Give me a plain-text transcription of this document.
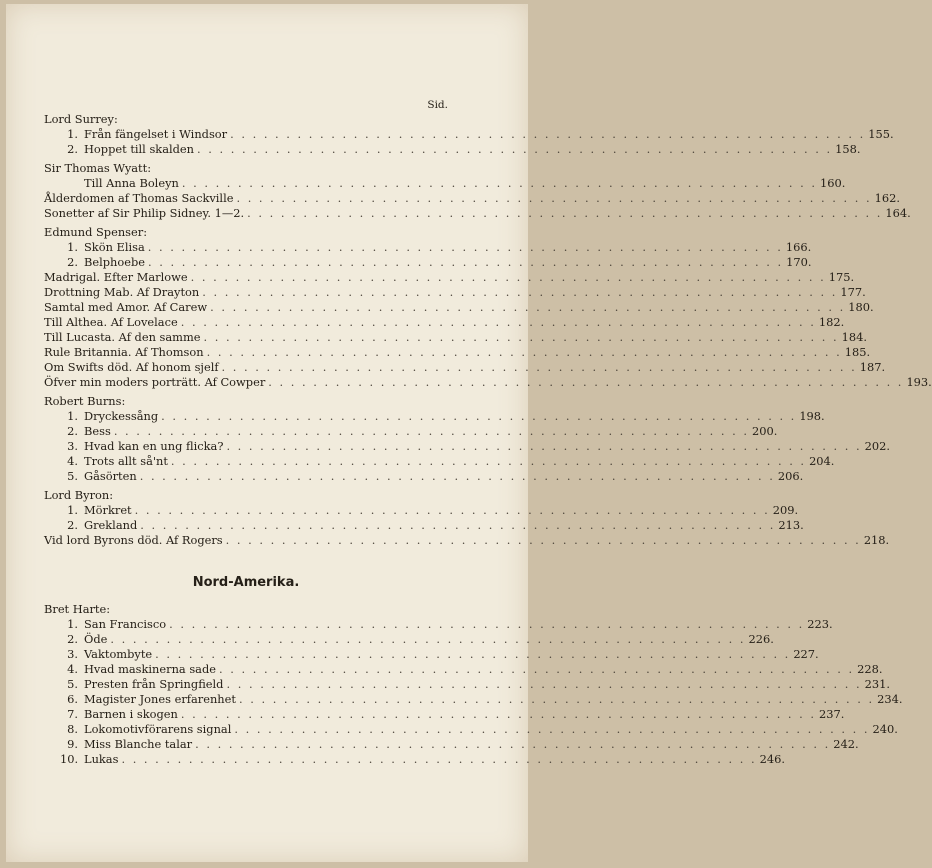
Sid.
Lord Surrey:
1. Från fängelset i Windsor . . . . . . . . . . . . . . . . . . . . . . . . . . . . . . . . . . . . . . . . . . . . . . . . . . . . . . . . . 155.
2. Hoppet till skalden . . . . . . . . . . . . . . . . . . . . . . . . . . . . . . . . . . . . . . . . . . . . . . . . . . . . . . . . . 158.
Sir Thomas Wyatt:
Till Anna Boleyn . . . . . . . . . . . . . . . . . . . . . . . . . . . . . . . . . . . . . . . . . . . . . . . . . . . . . . . . . 160.
Ålderdomen af Thomas Sackville . . . . . . . . . . . . . . . . . . . . . . . . . . . . . . . . . . . . . . . . . . . . . . . . . . . . . . . . . 162.
Sonetter af Sir Philip Sidney. 1—2. . . . . . . . . . . . . . . . . . . . . . . . . . . . . . . . . . . . . . . . . . . . . . . . . . . . . . . . . . 164.
Edmund Spenser:
1. Skön Elisa . . . . . . . . . . . . . . . . . . . . . . . . . . . . . . . . . . . . . . . . . . . . . . . . . . . . . . . . . 166.
2. Belphoebe . . . . . . . . . . . . . . . . . . . . . . . . . . . . . . . . . . . . . . . . . . . . . . . . . . . . . . . . . 170.
Madrigal. Efter Marlowe . . . . . . . . . . . . . . . . . . . . . . . . . . . . . . . . . . . . . . . . . . . . . . . . . . . . . . . . . 175.
Drottning Mab. Af Drayton . . . . . . . . . . . . . . . . . . . . . . . . . . . . . . . . . . . . . . . . . . . . . . . . . . . . . . . . . 177.
Samtal med Amor. Af Carew . . . . . . . . . . . . . . . . . . . . . . . . . . . . . . . . . . . . . . . . . . . . . . . . . . . . . . . . . 180.
Till Althea. Af Lovelace . . . . . . . . . . . . . . . . . . . . . . . . . . . . . . . . . . . . . . . . . . . . . . . . . . . . . . . . . 182.
Till Lucasta. Af den samme . . . . . . . . . . . . . . . . . . . . . . . . . . . . . . . . . . . . . . . . . . . . . . . . . . . . . . . . . 184.
Rule Britannia. Af Thomson . . . . . . . . . . . . . . . . . . . . . . . . . . . . . . . . . . . . . . . . . . . . . . . . . . . . . . . . . 185.
Om Swifts död. Af honom sjelf . . . . . . . . . . . . . . . . . . . . . . . . . . . . . . . . . . . . . . . . . . . . . . . . . . . . . . . . . 187.
Öfver min moders porträtt. Af Cowper . . . . . . . . . . . . . . . . . . . . . . . . . . . . . . . . . . . . . . . . . . . . . . . . . . . . . . . . . 193.
Robert Burns:
1. Dryckessång . . . . . . . . . . . . . . . . . . . . . . . . . . . . . . . . . . . . . . . . . . . . . . . . . . . . . . . . . 198.
2. Bess . . . . . . . . . . . . . . . . . . . . . . . . . . . . . . . . . . . . . . . . . . . . . . . . . . . . . . . . . 200.
3. Hvad kan en ung flicka? . . . . . . . . . . . . . . . . . . . . . . . . . . . . . . . . . . . . . . . . . . . . . . . . . . . . . . . . . 202.
4. Trots allt så'nt . . . . . . . . . . . . . . . . . . . . . . . . . . . . . . . . . . . . . . . . . . . . . . . . . . . . . . . . . 204.
5. Gåsörten . . . . . . . . . . . . . . . . . . . . . . . . . . . . . . . . . . . . . . . . . . . . . . . . . . . . . . . . . 206.
Lord Byron:
1. Mörkret . . . . . . . . . . . . . . . . . . . . . . . . . . . . . . . . . . . . . . . . . . . . . . . . . . . . . . . . . 209.
2. Grekland . . . . . . . . . . . . . . . . . . . . . . . . . . . . . . . . . . . . . . . . . . . . . . . . . . . . . . . . . 213.
Vid lord Byrons död. Af Rogers . . . . . . . . . . . . . . . . . . . . . . . . . . . . . . . . . . . . . . . . . . . . . . . . . . . . . . . . . 218.
Nord-Amerika.
Bret Harte:
1. San Francisco . . . . . . . . . . . . . . . . . . . . . . . . . . . . . . . . . . . . . . . . . . . . . . . . . . . . . . . . . 223.
2. Öde . . . . . . . . . . . . . . . . . . . . . . . . . . . . . . . . . . . . . . . . . . . . . . . . . . . . . . . . . 226.
3. Vaktombyte . . . . . . . . . . . . . . . . . . . . . . . . . . . . . . . . . . . . . . . . . . . . . . . . . . . . . . . . . 227.
4. Hvad maskinerna sade . . . . . . . . . . . . . . . . . . . . . . . . . . . . . . . . . . . . . . . . . . . . . . . . . . . . . . . . . 228.
5. Presten från Springfield . . . . . . . . . . . . . . . . . . . . . . . . . . . . . . . . . . . . . . . . . . . . . . . . . . . . . . . . . 231.
6. Magister Jones erfarenhet . . . . . . . . . . . . . . . . . . . . . . . . . . . . . . . . . . . . . . . . . . . . . . . . . . . . . . . . . 234.
7. Barnen i skogen . . . . . . . . . . . . . . . . . . . . . . . . . . . . . . . . . . . . . . . . . . . . . . . . . . . . . . . . . 237.
8. Lokomotivförarens signal . . . . . . . . . . . . . . . . . . . . . . . . . . . . . . . . . . . . . . . . . . . . . . . . . . . . . . . . . 240.
9. Miss Blanche talar . . . . . . . . . . . . . . . . . . . . . . . . . . . . . . . . . . . . . . . . . . . . . . . . . . . . . . . . . 242.
10. Lukas . . . . . . . . . . . . . . . . . . . . . . . . . . . . . . . . . . . . . . . . . . . . . . . . . . . . . . . . . 246.
